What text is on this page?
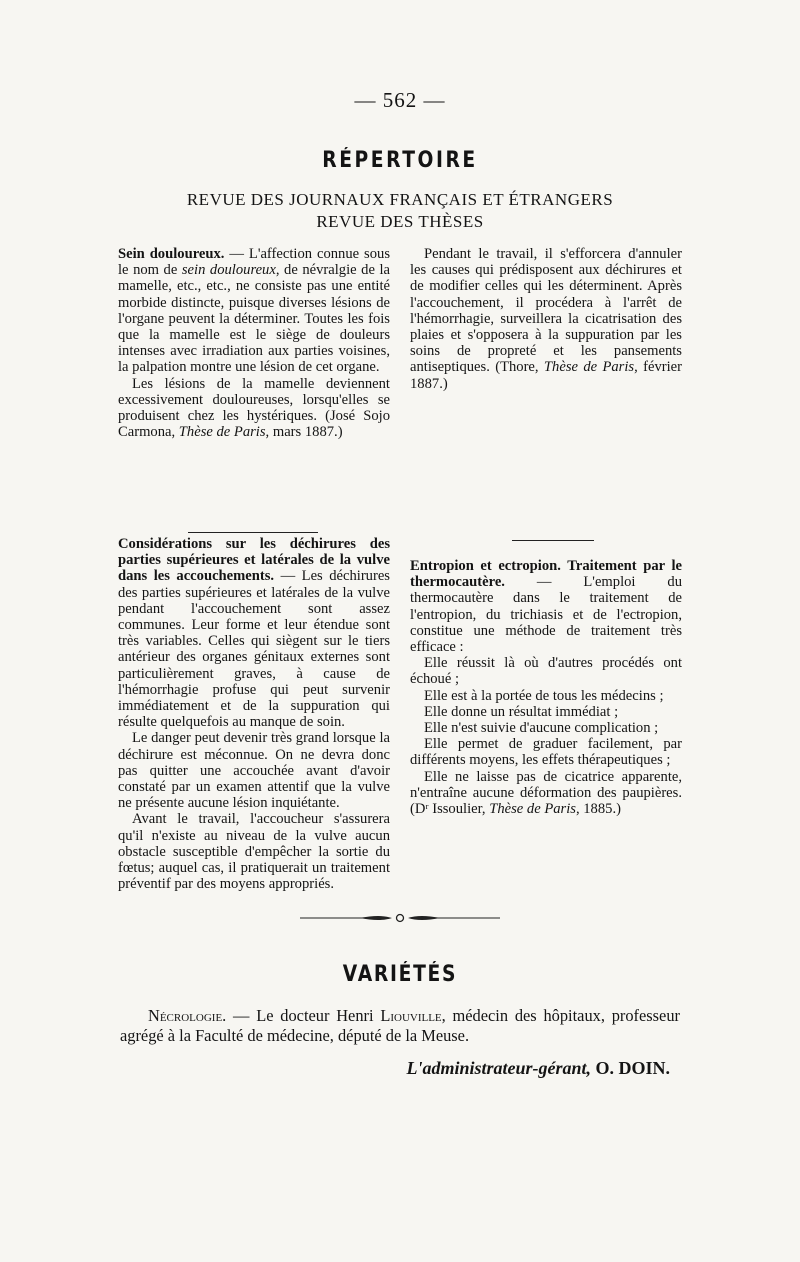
— 562 —
RÉPERTOIRE
REVUE DES JOURNAUX FRANÇAIS ET ÉTRANGERS
REVUE DES THÈSES

Sein douloureux. — L'affection connue sous le nom de sein douloureux, de névralgie de la mamelle, etc., etc., ne consiste pas une entité morbide distincte, puisque diverses lésions de l'organe peuvent la déterminer. Toutes les fois que la mamelle est le siège de douleurs intenses avec irradiation aux parties voisines, la palpation montre une lésion de cet organe.

Les lésions de la mamelle deviennent excessivement douloureuses, lorsqu'elles se produisent chez les hystériques. (José Sojo Carmona, Thèse de Paris, mars 1887.)

Considérations sur les déchirures des parties supérieures et latérales de la vulve dans les accouchements. — Les déchirures des parties supérieures et latérales de la vulve pendant l'accouchement sont assez communes. Leur forme et leur étendue sont très variables. Celles qui siègent sur le tiers antérieur des organes génitaux externes sont particulièrement graves, à cause de l'hémorrhagie profuse qui peut survenir immédiatement et de la suppuration qui résulte quelquefois au manque de soin.

Le danger peut devenir très grand lorsque la déchirure est méconnue. On ne devra donc pas quitter une accouchée avant d'avoir constaté par un examen attentif que la vulve ne présente aucune lésion inquiétante.

Avant le travail, l'accoucheur s'assurera qu'il n'existe au niveau de la vulve aucun obstacle susceptible d'empêcher la sortie du fœtus; auquel cas, il pratiquerait un traitement préventif par des moyens appropriés.

Pendant le travail, il s'efforcera d'annuler les causes qui prédisposent aux déchirures et de modifier celles qui les déterminent. Après l'accouchement, il procédera à l'arrêt de l'hémorrhagie, surveillera la cicatrisation des plaies et s'opposera à la suppuration par les soins de propreté et les pansements antiseptiques. (Thore, Thèse de Paris, février 1887.)

Entropion et ectropion. Traitement par le thermocautère. — L'emploi du thermocautère dans le traitement de l'entropion, du trichiasis et de l'ectropion, constitue une méthode de traitement très efficace :

Elle réussit là où d'autres procédés ont échoué ;

Elle est à la portée de tous les médecins ;

Elle donne un résultat immédiat ;

Elle n'est suivie d'aucune complication ;

Elle permet de graduer facilement, par différents moyens, les effets thérapeutiques ;

Elle ne laisse pas de cicatrice apparente, n'entraîne aucune déformation des paupières. (Dʳ Issoulier, Thèse de Paris, 1885.)

VARIÉTÉS
Nécrologie. — Le docteur Henri Liouville, médecin des hôpitaux, professeur agrégé à la Faculté de médecine, député de la Meuse.
L'administrateur-gérant, O. DOIN.
